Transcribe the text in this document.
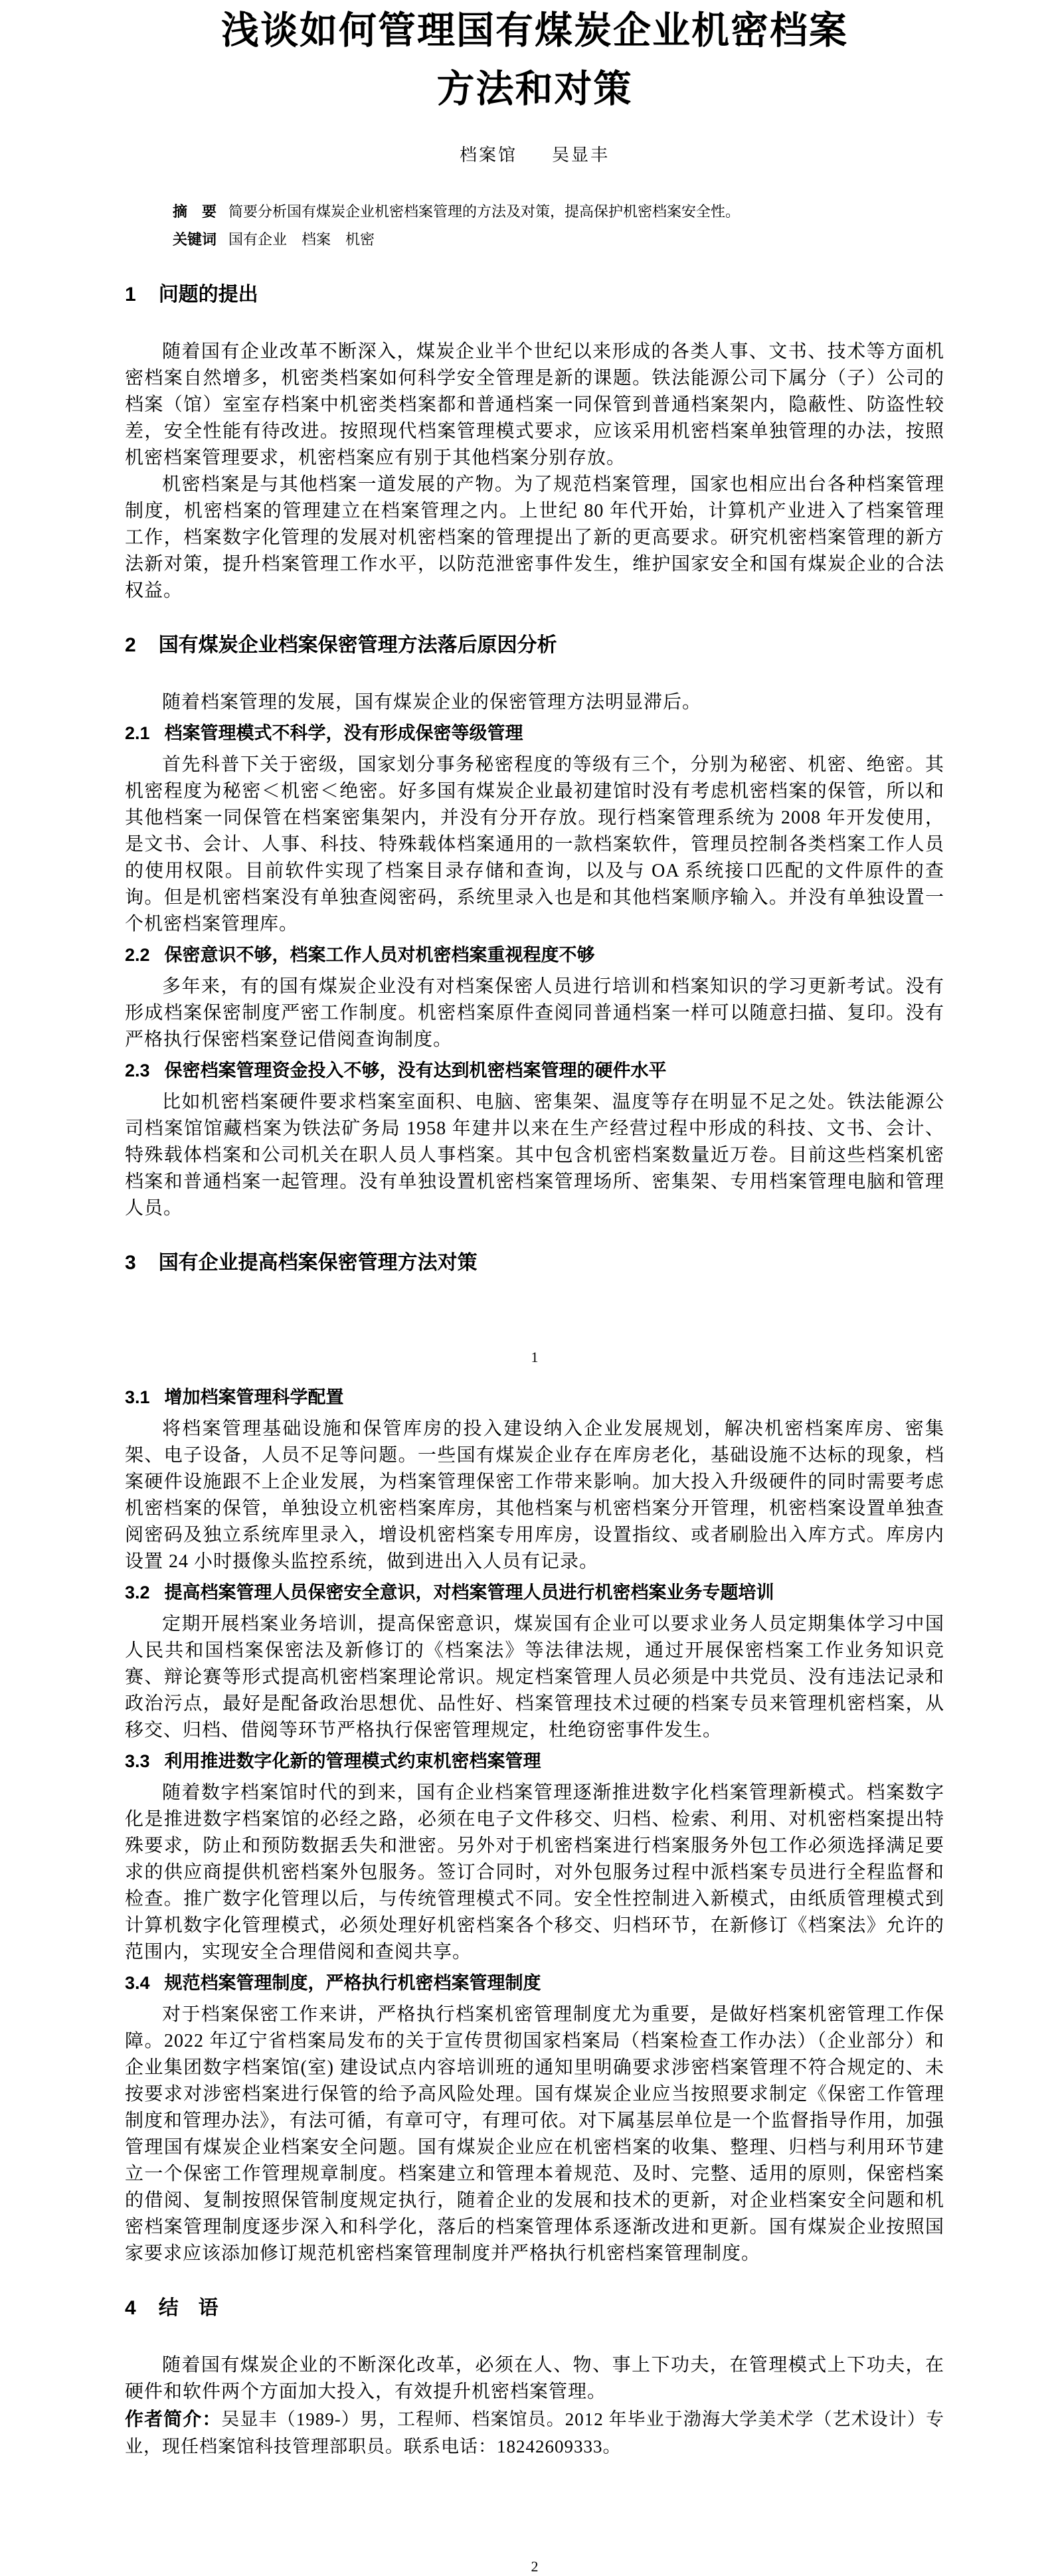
浅谈如何管理国有煤炭企业机密档案
方法和对策
档案馆 吴显丰
摘　要 简要分析国有煤炭企业机密档案管理的方法及对策，提高保护机密档案安全性。
关键词 国有企业　档案　机密
1 问题的提出

随着国有企业改革不断深入，煤炭企业半个世纪以来形成的各类人事、文书、技术等方面机密档案自然增多，机密类档案如何科学安全管理是新的课题。铁法能源公司下属分（子）公司的档案（馆）室室存档案中机密类档案都和普通档案一同保管到普通档案架内，隐蔽性、防盗性较差，安全性能有待改进。按照现代档案管理模式要求，应该采用机密档案单独管理的办法，按照机密档案管理要求，机密档案应有别于其他档案分别存放。

机密档案是与其他档案一道发展的产物。为了规范档案管理，国家也相应出台各种档案管理制度，机密档案的管理建立在档案管理之内。上世纪 80 年代开始，计算机产业进入了档案管理工作，档案数字化管理的发展对机密档案的管理提出了新的更高要求。研究机密档案管理的新方法新对策，提升档案管理工作水平，以防范泄密事件发生，维护国家安全和国有煤炭企业的合法权益。

2 国有煤炭企业档案保密管理方法落后原因分析

随着档案管理的发展，国有煤炭企业的保密管理方法明显滞后。

2.1 档案管理模式不科学，没有形成保密等级管理

首先科普下关于密级，国家划分事务秘密程度的等级有三个，分别为秘密、机密、绝密。其机密程度为秘密＜机密＜绝密。好多国有煤炭企业最初建馆时没有考虑机密档案的保管，所以和其他档案一同保管在档案密集架内，并没有分开存放。现行档案管理系统为 2008 年开发使用，是文书、会计、人事、科技、特殊载体档案通用的一款档案软件，管理员控制各类档案工作人员的使用权限。目前软件实现了档案目录存储和查询，以及与 OA 系统接口匹配的文件原件的查询。但是机密档案没有单独查阅密码，系统里录入也是和其他档案顺序输入。并没有单独设置一个机密档案管理库。

2.2 保密意识不够，档案工作人员对机密档案重视程度不够

多年来，有的国有煤炭企业没有对档案保密人员进行培训和档案知识的学习更新考试。没有形成档案保密制度严密工作制度。机密档案原件查阅同普通档案一样可以随意扫描、复印。没有严格执行保密档案登记借阅查询制度。

2.3 保密档案管理资金投入不够，没有达到机密档案管理的硬件水平

比如机密档案硬件要求档案室面积、电脑、密集架、温度等存在明显不足之处。铁法能源公司档案馆馆藏档案为铁法矿务局 1958 年建井以来在生产经营过程中形成的科技、文书、会计、特殊载体档案和公司机关在职人员人事档案。其中包含机密档案数量近万卷。目前这些档案机密档案和普通档案一起管理。没有单独设置机密档案管理场所、密集架、专用档案管理电脑和管理人员。

3 国有企业提高档案保密管理方法对策
1
3.1 增加档案管理科学配置

将档案管理基础设施和保管库房的投入建设纳入企业发展规划，解决机密档案库房、密集架、电子设备，人员不足等问题。一些国有煤炭企业存在库房老化，基础设施不达标的现象，档案硬件设施跟不上企业发展，为档案管理保密工作带来影响。加大投入升级硬件的同时需要考虑机密档案的保管，单独设立机密档案库房，其他档案与机密档案分开管理，机密档案设置单独查阅密码及独立系统库里录入，增设机密档案专用库房，设置指纹、或者刷脸出入库方式。库房内设置 24 小时摄像头监控系统，做到进出入人员有记录。

3.2 提高档案管理人员保密安全意识，对档案管理人员进行机密档案业务专题培训

定期开展档案业务培训，提高保密意识，煤炭国有企业可以要求业务人员定期集体学习中国人民共和国档案保密法及新修订的《档案法》等法律法规，通过开展保密档案工作业务知识竞赛、辩论赛等形式提高机密档案理论常识。规定档案管理人员必须是中共党员、没有违法记录和政治污点，最好是配备政治思想优、品性好、档案管理技术过硬的档案专员来管理机密档案，从移交、归档、借阅等环节严格执行保密管理规定，杜绝窃密事件发生。

3.3 利用推进数字化新的管理模式约束机密档案管理

随着数字档案馆时代的到来，国有企业档案管理逐渐推进数字化档案管理新模式。档案数字化是推进数字档案馆的必经之路，必须在电子文件移交、归档、检索、利用、对机密档案提出特殊要求，防止和预防数据丢失和泄密。另外对于机密档案进行档案服务外包工作必须选择满足要求的供应商提供机密档案外包服务。签订合同时，对外包服务过程中派档案专员进行全程监督和检查。推广数字化管理以后，与传统管理模式不同。安全性控制进入新模式，由纸质管理模式到计算机数字化管理模式，必须处理好机密档案各个移交、归档环节，在新修订《档案法》允许的范围内，实现安全合理借阅和查阅共享。

3.4 规范档案管理制度，严格执行机密档案管理制度

对于档案保密工作来讲，严格执行档案机密管理制度尤为重要，是做好档案机密管理工作保障。2022 年辽宁省档案局发布的关于宣传贯彻国家档案局（档案检查工作办法）（企业部分）和企业集团数字档案馆(室) 建设试点内容培训班的通知里明确要求涉密档案管理不符合规定的、未按要求对涉密档案进行保管的给予高风险处理。国有煤炭企业应当按照要求制定《保密工作管理制度和管理办法》，有法可循，有章可守，有理可依。对下属基层单位是一个监督指导作用，加强管理国有煤炭企业档案安全问题。国有煤炭企业应在机密档案的收集、整理、归档与利用环节建立一个保密工作管理规章制度。档案建立和管理本着规范、及时、完整、适用的原则，保密档案的借阅、复制按照保管制度规定执行，随着企业的发展和技术的更新，对企业档案安全问题和机密档案管理制度逐步深入和科学化，落后的档案管理体系逐渐改进和更新。国有煤炭企业按照国家要求应该添加修订规范机密档案管理制度并严格执行机密档案管理制度。

4 结　语

随着国有煤炭企业的不断深化改革，必须在人、物、事上下功夫，在管理模式上下功夫，在硬件和软件两个方面加大投入，有效提升机密档案管理。

作者简介：吴显丰（1989-）男，工程师、档案馆员。2012 年毕业于渤海大学美术学（艺术设计）专业，现任档案馆科技管理部职员。联系电话：18242609333。

2
